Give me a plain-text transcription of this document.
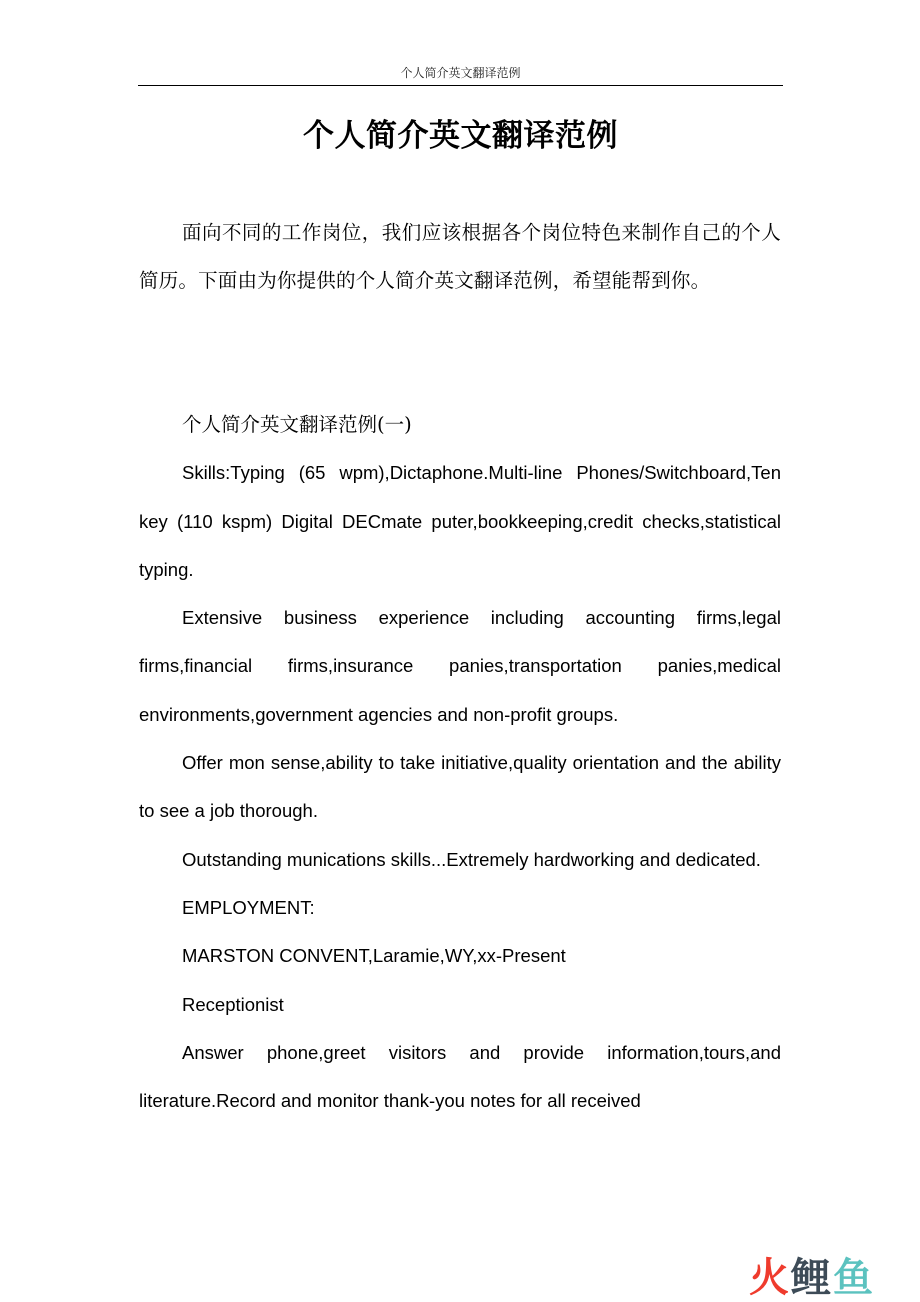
个人简介英文翻译范例
个人简介英文翻译范例

面向不同的工作岗位，我们应该根据各个岗位特色来制作自己的个人简历。下面由为你提供的个人简介英文翻译范例，希望能帮到你。

个人简介英文翻译范例(一)

Skills:Typing (65 wpm),Dictaphone.Multi-line Phones/Switchboard,Ten key (110 kspm) Digital DECmate puter,bookkeeping,credit checks,statistical typing.

Extensive business experience including accounting firms,legal firms,financial firms,insurance panies,transportation panies,medical environments,government agencies and non-profit groups.

Offer mon sense,ability to take initiative,quality orientation and the ability to see a job thorough.

Outstanding munications skills...Extremely hardworking and dedicated.

EMPLOYMENT:

MARSTON CONVENT,Laramie,WY,xx-Present

Receptionist

Answer phone,greet visitors and provide information,tours,and literature.Record and monitor thank-you notes for all received

火 鲤 鱼
